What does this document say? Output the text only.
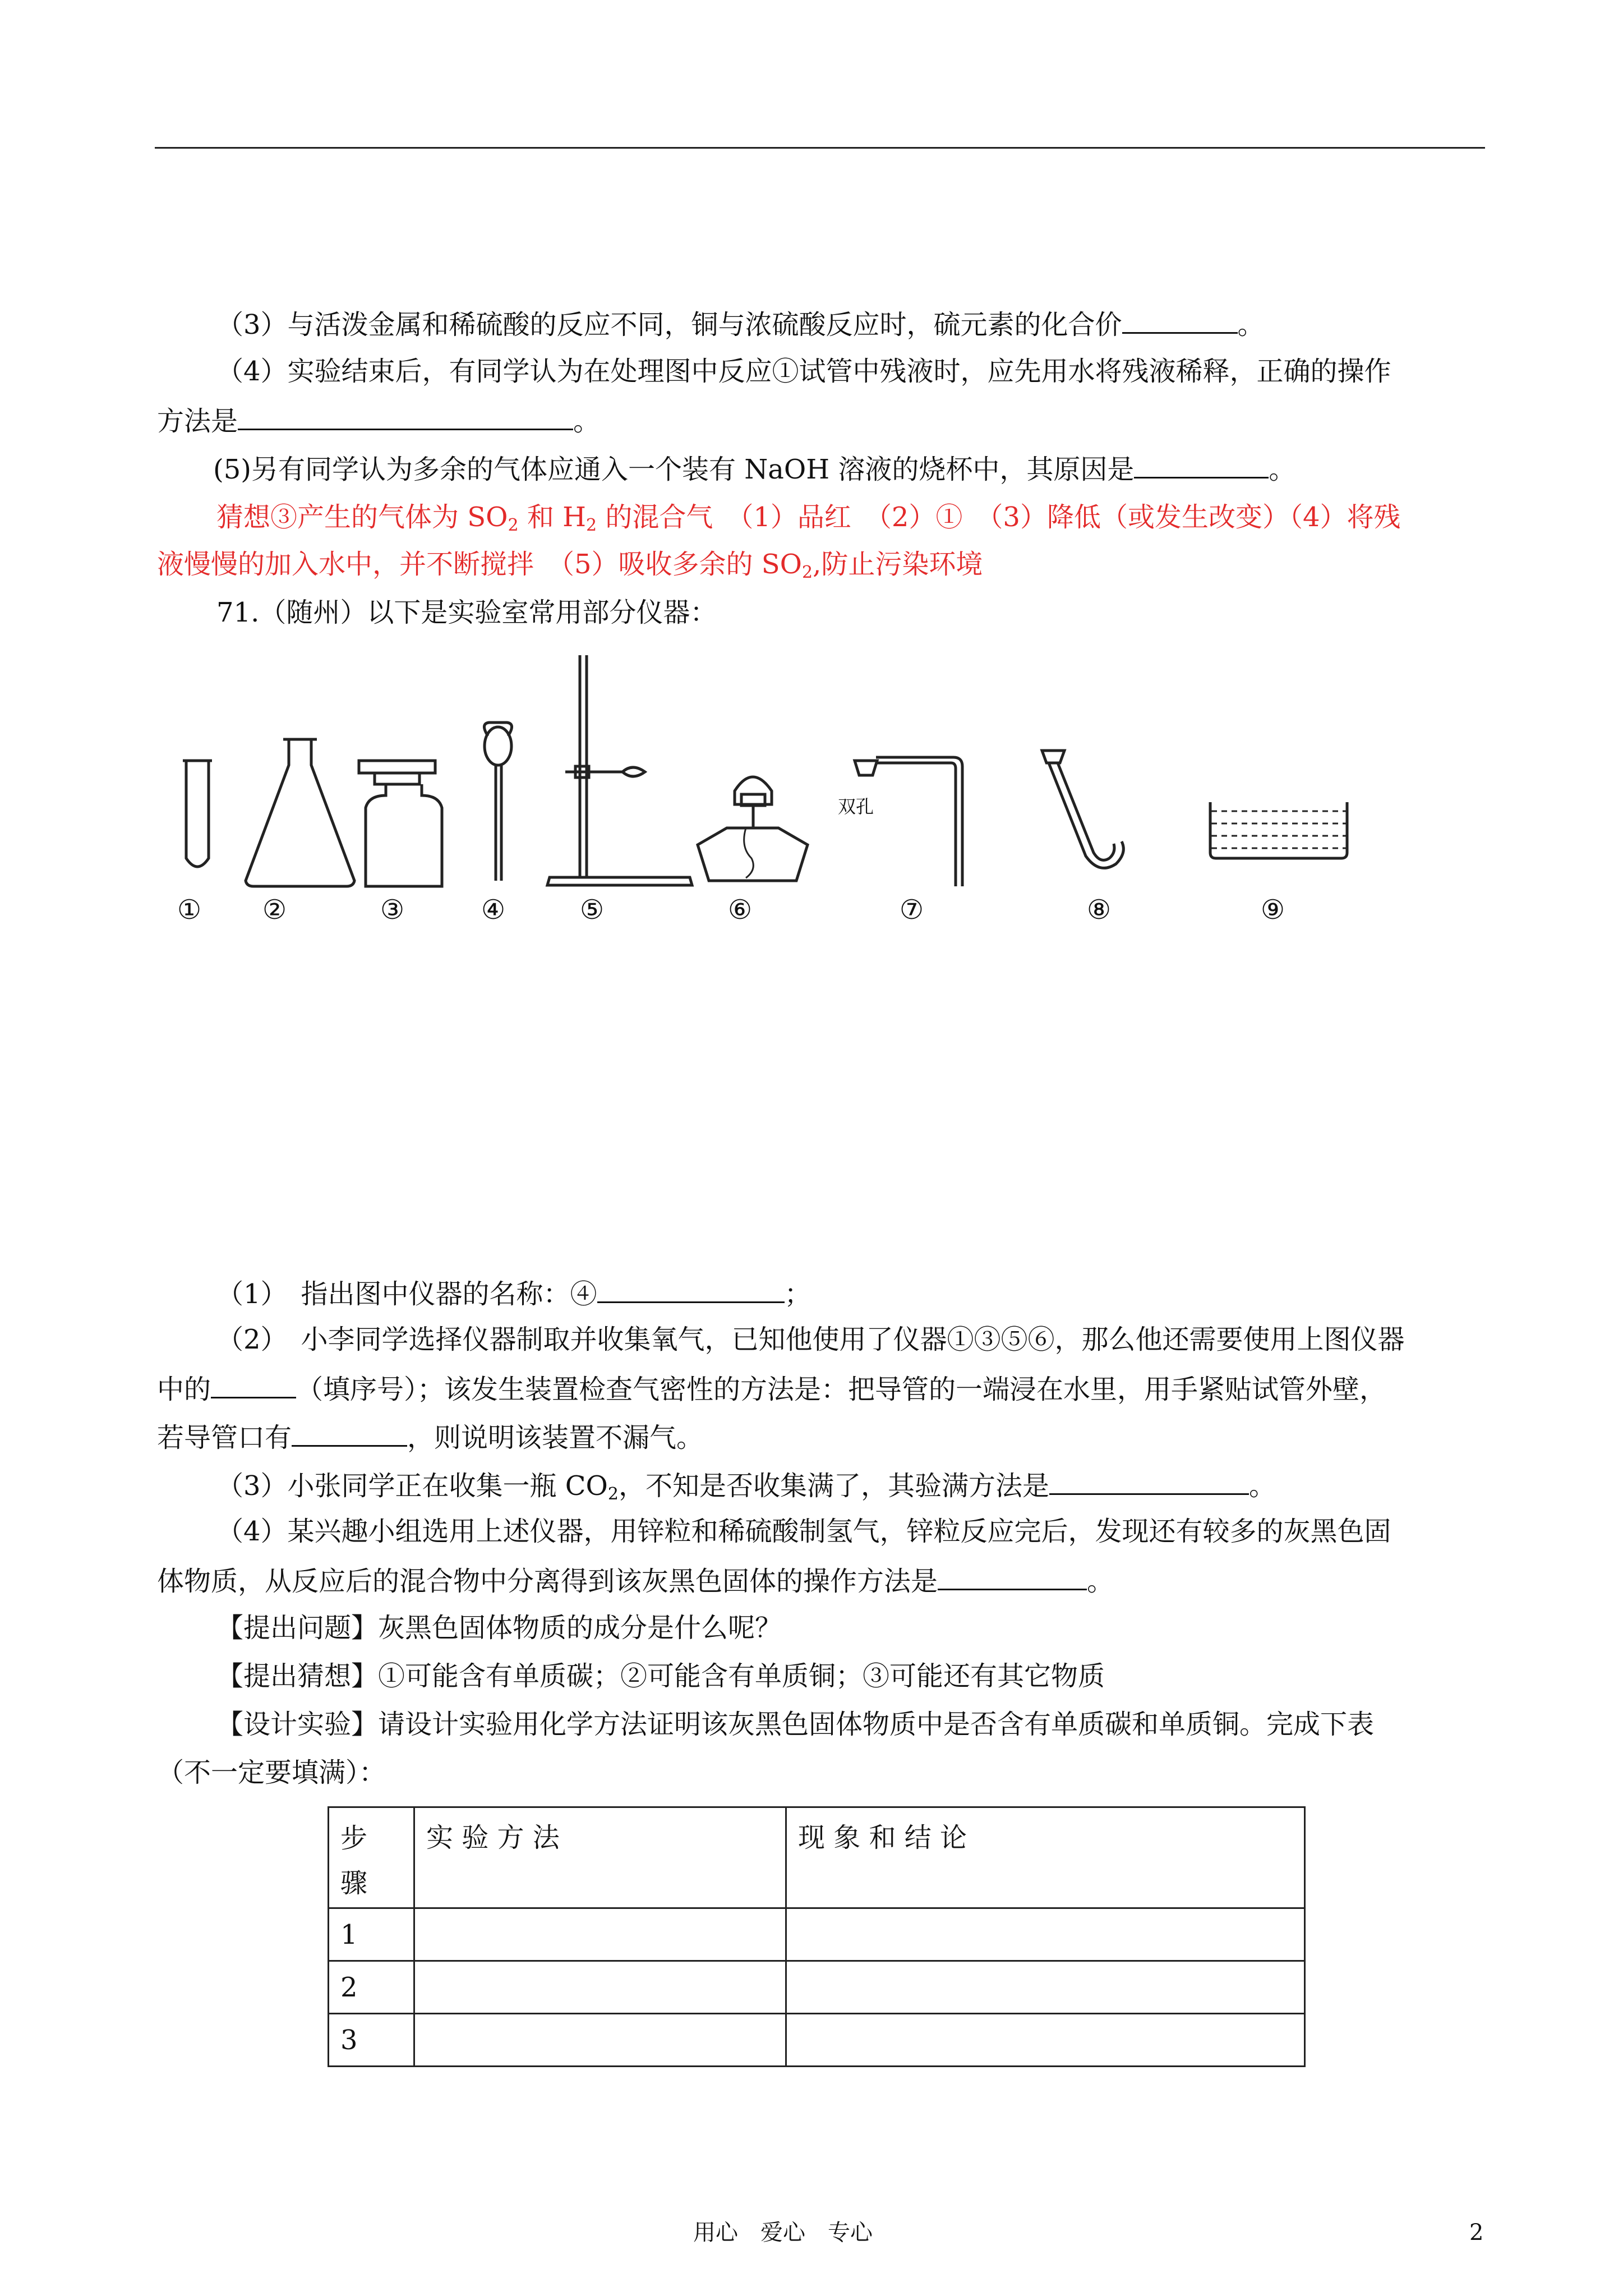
（3）与活泼金属和稀硫酸的反应不同，铜与浓硫酸反应时，硫元素的化合价	。
（4）实验结束后，有同学认为在处理图中反应①试管中残液时，应先用水将残液稀释，正确的操作
方法是	。
(5)另有同学认为多余的气体应通入一个装有 NaOH 溶液的烧杯中，其原因是	。
猜想③产生的气体为 $SO_2$ 和 $H_2$ 的混合气　（1）品红　（2）①　（3）降低（或发生改变）（4）将残
液慢慢的加入水中，并不断搅拌　（5）吸收多余的 $SO_2$,防止污染环境
71.（随州）以下是实验室常用部分仪器：
双孔
① ②	③	④	⑤	⑥	⑦	⑧	⑨
（1）　指出图中仪器的名称：④	；
（2）　小李同学选择仪器制取并收集氧气，已知他使用了仪器①③⑤⑥，那么他还需要使用上图仪器
中的	（填序号）；该发生装置检查气密性的方法是：把导管的一端浸在水里，用手紧贴试管外壁，
若导管口有	，则说明该装置不漏气。
（3）小张同学正在收集一瓶 $CO_2$，不知是否收集满了，其验满方法是	。
（4）某兴趣小组选用上述仪器，用锌粒和稀硫酸制氢气，锌粒反应完后，发现还有较多的灰黑色固
体物质，从反应后的混合物中分离得到该灰黑色固体的操作方法是	。
【提出问题】灰黑色固体物质的成分是什么呢？
【提出猜想】①可能含有单质碳；②可能含有单质铜；③可能还有其它物质
【设计实验】请设计实验用化学方法证明该灰黑色固体物质中是否含有单质碳和单质铜。完成下表
（不一定要填满）：
步
骤	实 验 方 法	现 象 和 结 论
1		
2		
3		
用心　爱心　专心	2
